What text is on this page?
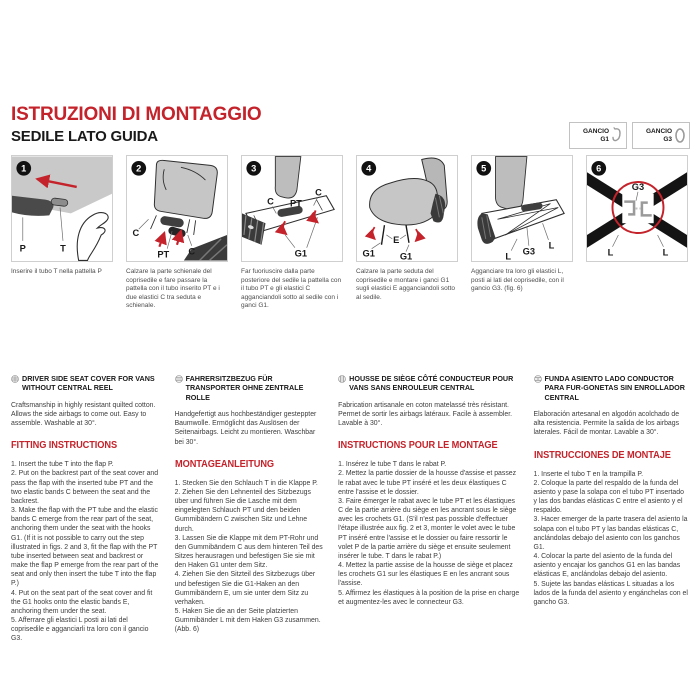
ISTRUZIONI DI MONTAGGIO
SEDILE LATO GUIDA	GANCIO
G1
GANCIO
G3
P	T
1
Inserire il tubo T nella pattella P
C
PT C
2
Calzare la parte schienale del coprisedile e fare passare la pattella con il tubo inserito PT e i due elastici C tra seduta e schienale.
C PT
C
G1
3
Far fuoriuscire dalla parte posteriore del sedile la pattella con il tubo PT e gli elastici C agganciandoli sotto al sedile con i ganci G1.
G1
E
G1
4
Calzare la parte seduta del coprisedile e montare i ganci G1 sugli elastici E agganciandoli sotto al sedile.
L G3
L
5
Agganciare tra loro gli elastici L, posti ai lati del coprisedile, con il gancio G3. (fig. 6)
G3
L	L
6
DRIVER SIDE SEAT COVER FOR VANS WITHOUT CENTRAL REEL

Craftsmanship in highly resistant quilted cotton. Allows the side airbags to come out. Easy to assemble. Washable at 30°.

FITTING INSTRUCTIONS

1. Insert the tube T into the flap P.

2. Put on the backrest part of the seat cover and pass the flap with the inserted tube PT and the two elastic bands C between the seat and the backrest.

3. Make the flap with the PT tube and the elastic bands C emerge from the rear part of the seat, anchoring them under the seat with the hooks G1. (If it is not possible to carry out the step illustrated in figs. 2 and 3, fit the flap with the PT tube inserted between seat and backrest or make the flap P emerge from the rear part of the seat and only then insert the tube T into the flap P.)

4. Put on the seat part of the seat cover and fit the G1 hooks onto the elastic bands E, anchoring them under the seat.

5. Afferrare gli elastici L posti ai lati del coprisedile e agganciarli tra loro con il gancio G3.

FAHRERSITZBEZUG FÜR TRANSPORTER OHNE ZENTRALE ROLLE

Handgefertigt aus hochbeständiger gesteppter Baumwolle. Ermöglicht das Auslösen der Seitenairbags. Leicht zu montieren. Waschbar bei 30°.

MONTAGEANLEITUNG

1. Stecken Sie den Schlauch T in die Klappe P.

2. Ziehen Sie den Lehnenteil des Sitzbezugs über und führen Sie die Lasche mit dem eingelegten Schlauch PT und den beiden Gummibändern C zwischen Sitz und Lehne durch.

3. Lassen Sie die Klappe mit dem PT-Rohr und den Gummibändern C aus dem hinteren Teil des Sitzes herausragen und befestigen Sie sie mit den Haken G1 unter dem Sitz.

4. Ziehen Sie den Sitzteil des Sitzbezugs über und befestigen Sie die G1-Haken an den Gummibändern E, um sie unter dem Sitz zu verhaken.

5. Haken Sie die an der Seite platzierten Gummibänder L mit dem Haken G3 zusammen. (Abb. 6)

HOUSSE DE SIÈGE CÔTÉ CONDUCTEUR POUR VANS SANS ENROULEUR CENTRAL

Fabrication artisanale en coton matelassé très résistant. Permet de sortir les airbags latéraux. Facile à assembler. Lavable à 30°.

INSTRUCTIONS POUR LE MONTAGE

1. Insérez le tube T dans le rabat P.

2. Mettez la partie dossier de la housse d'assise et passez le rabat avec le tube PT inséré et les deux élastiques C entre l'assise et le dossier.

3. Faire émerger le rabat avec le tube PT et les élastiques C de la partie arrière du siège en les ancrant sous le siège avec les crochets G1. (S'il n'est pas possible d'effectuer l'étape illustrée aux fig. 2 et 3, monter le volet avec le tube PT inséré entre l'assise et le dossier ou faire ressortir le volet P de la partie arrière du siège et ensuite seulement insérer le tube. T dans le rabat P.)

4. Mettez la partie assise de la housse de siège et placez les crochets G1 sur les élastiques E en les ancrant sous l'assise.

5. Affirmez les élastiques à la position de la prise en charge et augmentez-les avec le connecteur G3.

FUNDA ASIENTO LADO CONDUCTOR PARA FUR-GONETAS SIN ENROLLADOR CENTRAL

Elaboración artesanal en algodón acolchado de alta resistencia. Permite la salida de los airbags laterales. Fácil de montar. Lavable a 30°.

INSTRUCCIONES DE MONTAJE

1. Inserte el tubo T en la trampilla P.

2. Coloque la parte del respaldo de la funda del asiento y pase la solapa con el tubo PT insertado y las dos bandas elásticas C entre el asiento y el respaldo.

3. Hacer emerger de la parte trasera del asiento la solapa con el tubo PT y las bandas elásticas C, anclándolas debajo del asiento con los ganchos G1.

4. Colocar la parte del asiento de la funda del asiento y encajar los ganchos G1 en las bandas elásticas E, anclándolas debajo del asiento.

5. Sujete las bandas elásticas L situadas a los lados de la funda del asiento y engánchelas con el gancho G3.
